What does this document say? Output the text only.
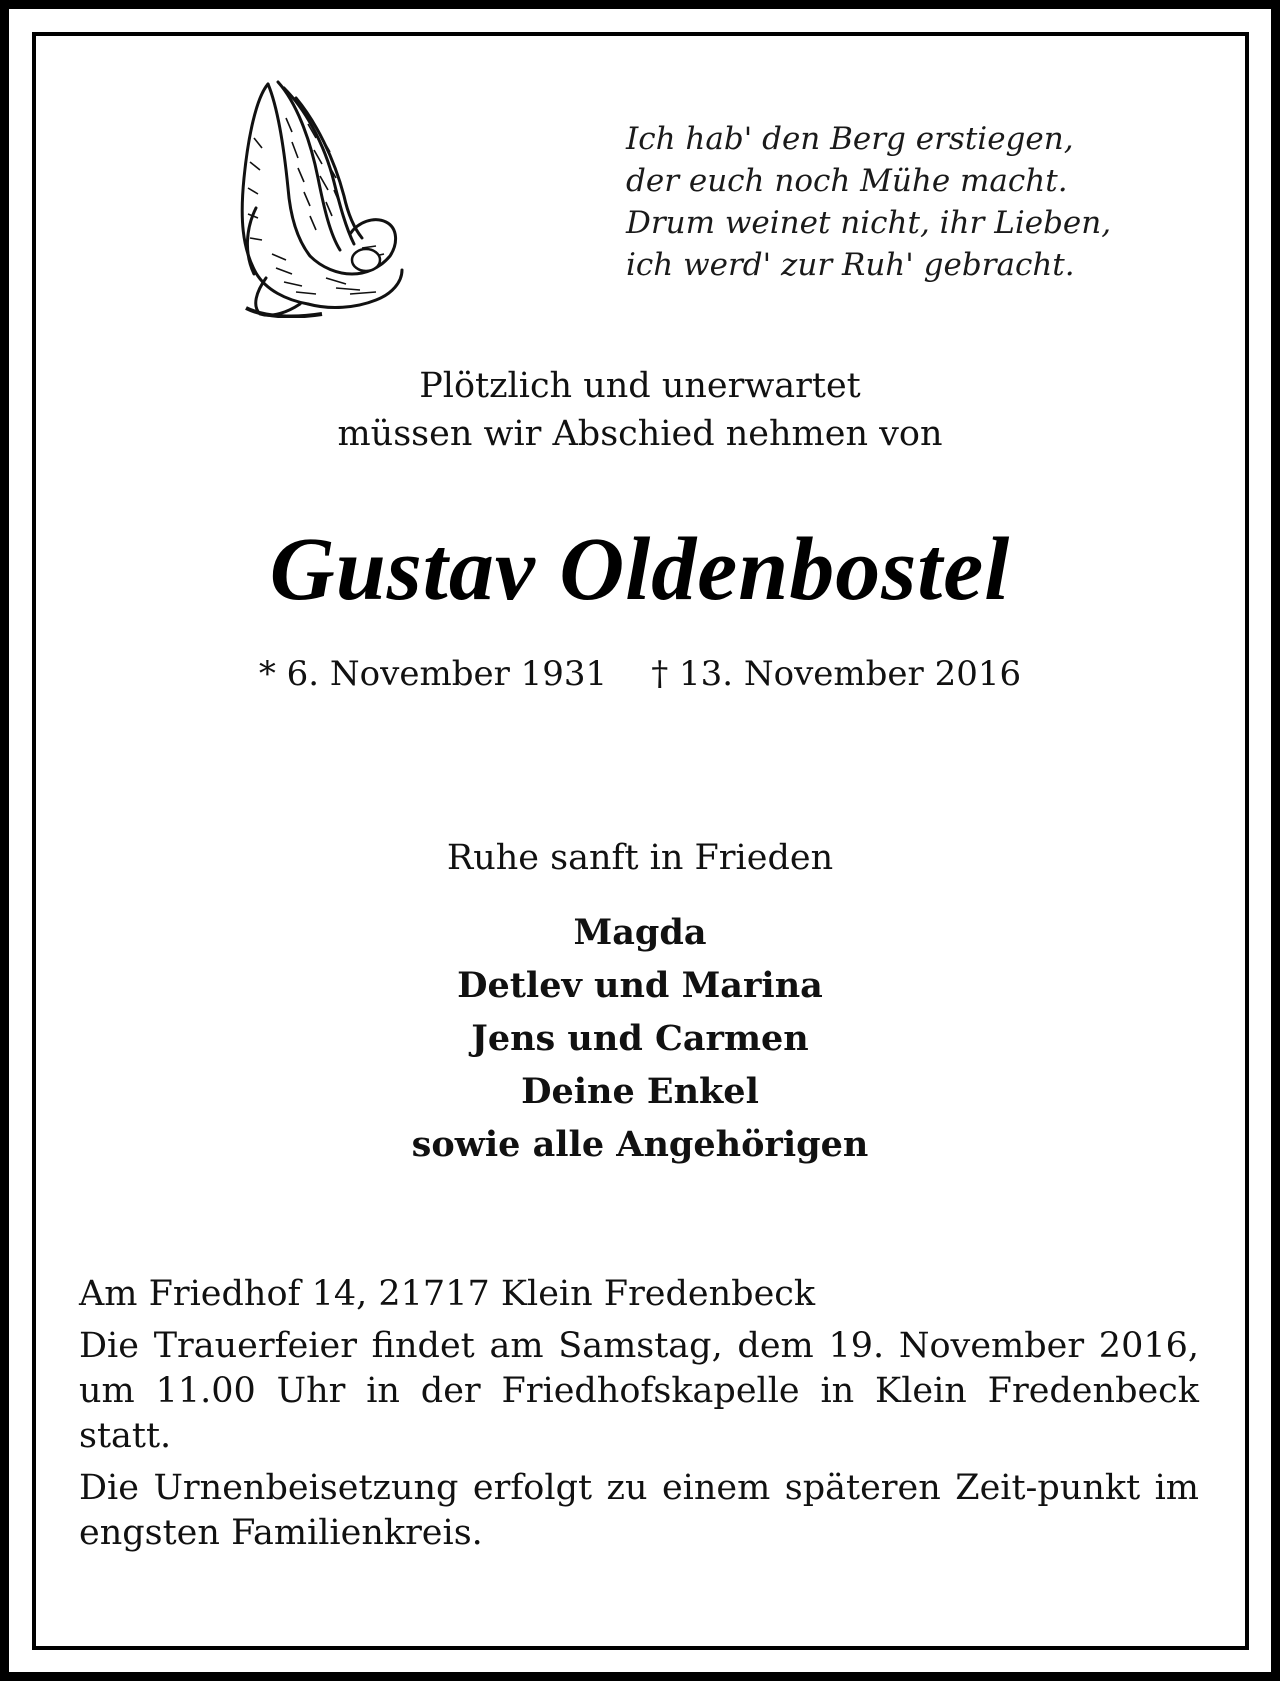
Ich hab' den Berg erstiegen,
der euch noch Mühe macht.
Drum weinet nicht, ihr Lieben,
ich werd' zur Ruh' gebracht.
Plötzlich und unerwartet
müssen wir Abschied nehmen von
Gustav Oldenbostel
* 6. November 1931 † 13. November 2016
Ruhe sanft in Frieden
Magda
Detlev und Marina
Jens und Carmen
Deine Enkel
sowie alle Angehörigen

Am Friedhof 14, 21717 Klein Fredenbeck

Die Trauerfeier findet am Samstag, dem 19. November 2016, um 11.00 Uhr in der Friedhofskapelle in Klein Fredenbeck statt.

Die Urnenbeisetzung erfolgt zu einem späteren Zeit-punkt im engsten Familienkreis.
